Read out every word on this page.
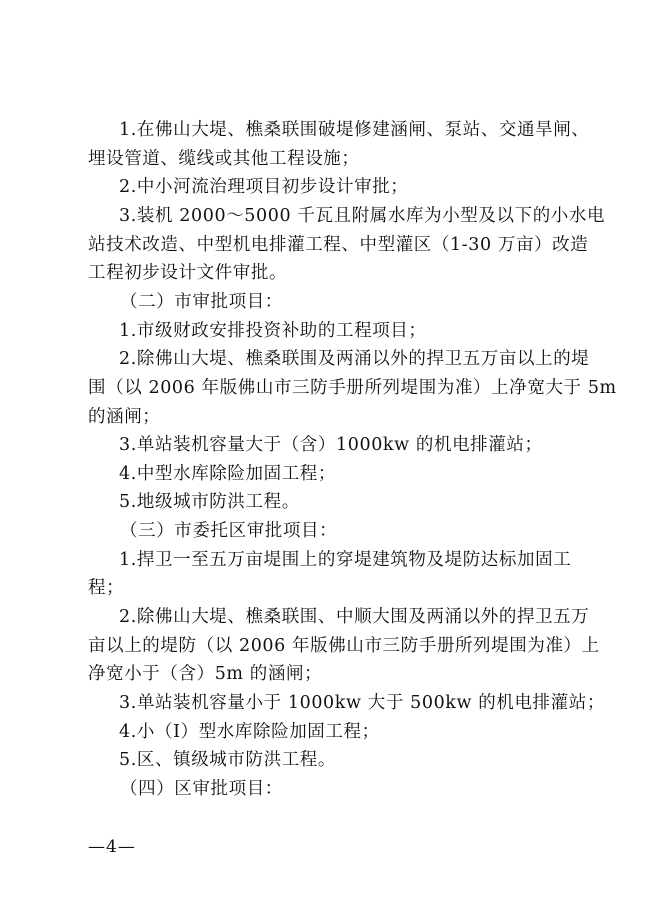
1.在佛山大堤、樵桑联围破堤修建涵闸、泵站、交通旱闸、
埋设管道、缆线或其他工程设施；
2.中小河流治理项目初步设计审批；
3.装机 2000～5000 千瓦且附属水库为小型及以下的小水电
站技术改造、中型机电排灌工程、中型灌区（1-30 万亩）改造
工程初步设计文件审批。
（二）市审批项目：
1.市级财政安排投资补助的工程项目；
2.除佛山大堤、樵桑联围及两涌以外的捍卫五万亩以上的堤
围（以 2006 年版佛山市三防手册所列堤围为准）上净宽大于 5m
的涵闸；
3.单站装机容量大于（含）1000kw 的机电排灌站；
4.中型水库除险加固工程；
5.地级城市防洪工程。
（三）市委托区审批项目：
1.捍卫一至五万亩堤围上的穿堤建筑物及堤防达标加固工
程；
2.除佛山大堤、樵桑联围、中顺大围及两涌以外的捍卫五万
亩以上的堤防（以 2006 年版佛山市三防手册所列堤围为准）上
净宽小于（含）5m 的涵闸；
3.单站装机容量小于 1000kw 大于 500kw 的机电排灌站；
4.小（I）型水库除险加固工程；
5.区、镇级城市防洪工程。
（四）区审批项目：
—4—
